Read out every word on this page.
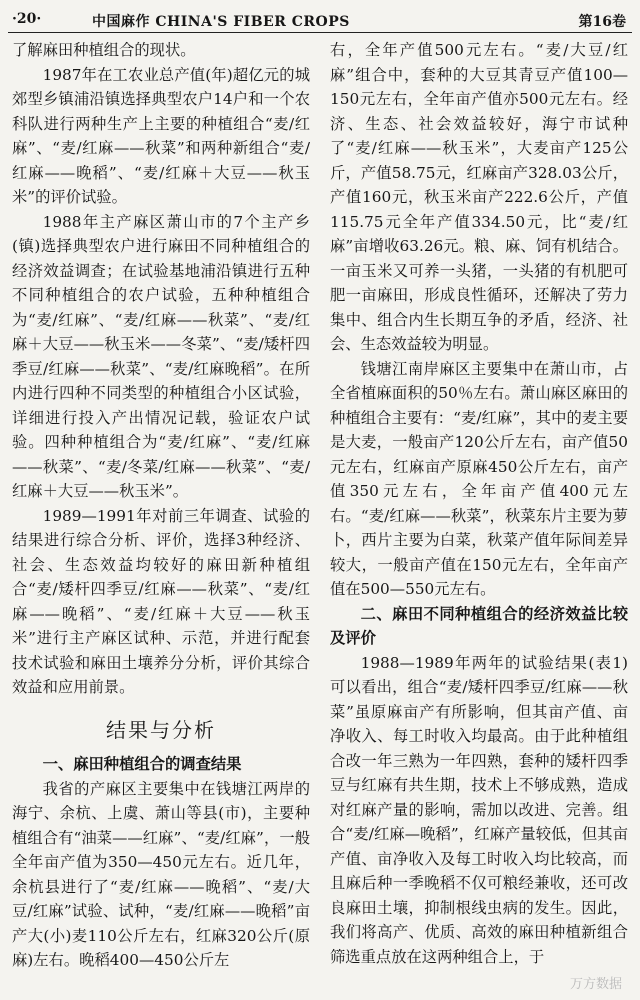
·20·	中国麻作 CHINA'S FIBER CROPS	第16卷

了解麻田种植组合的现状。

1987年在工农业总产值(年)超亿元的城郊型乡镇浦沿镇选择典型农户14户和一个农科队进行两种生产上主要的种植组合“麦/红麻”、“麦/红麻——秋菜”和两种新组合“麦/红麻——晚稻”、“麦/红麻＋大豆——秋玉米”的评价试验。

1988年主产麻区萧山市的7个主产乡(镇)选择典型农户进行麻田不同种植组合的经济效益调查；在试验基地浦沿镇进行五种不同种植组合的农户试验，五种种植组合为“麦/红麻”、“麦/红麻——秋菜”、“麦/红麻＋大豆——秋玉米——冬菜”、“麦/矮杆四季豆/红麻——秋菜”、“麦/红麻晚稻”。在所内进行四种不同类型的种植组合小区试验，详细进行投入产出情况记载，验证农户试验。四种种植组合为“麦/红麻”、“麦/红麻——秋菜”、“麦/冬菜/红麻——秋菜”、“麦/红麻＋大豆——秋玉米”。

1989—1991年对前三年调查、试验的结果进行综合分析、评价，选择3种经济、社会、生态效益均较好的麻田新种植组合“麦/矮杆四季豆/红麻——秋菜”、“麦/红麻——晚稻”、“麦/红麻＋大豆——秋玉米”进行主产麻区试种、示范，并进行配套技术试验和麻田土壤养分分析，评价其综合效益和应用前景。

结果与分析

一、麻田种植组合的调查结果

我省的产麻区主要集中在钱塘江两岸的海宁、余杭、上虞、萧山等县(市)，主要种植组合有“油菜——红麻”、“麦/红麻”，一般全年亩产值为350—450元左右。近几年，余杭县进行了“麦/红麻——晚稻”、“麦/大豆/红麻”试验、试种，“麦/红麻——晚稻”亩产大(小)麦110公斤左右，红麻320公斤(原麻)左右。晚稻400—450公斤左

右，全年产值500元左右。“麦/大豆/红麻”组合中，套种的大豆其青豆产值100—150元左右，全年亩产值亦500元左右。经济、生态、社会效益较好，海宁市试种了“麦/红麻——秋玉米”，大麦亩产125公斤，产值58.75元，红麻亩产328.03公斤，产值160元，秋玉米亩产222.6公斤，产值115.75元全年产值334.50元，比“麦/红麻”亩增收63.26元。粮、麻、饲有机结合。一亩玉米又可养一头猪，一头猪的有机肥可肥一亩麻田，形成良性循环，还解决了劳力集中、组合内生长期互争的矛盾，经济、社会、生态效益较为明显。

钱塘江南岸麻区主要集中在萧山市，占全省植麻面积的50％左右。萧山麻区麻田的种植组合主要有：“麦/红麻”，其中的麦主要是大麦，一般亩产120公斤左右，亩产值50元左右，红麻亩产原麻450公斤左右，亩产值350元左右，全年亩产值400元左右。“麦/红麻——秋菜”，秋菜东片主要为萝卜，西片主要为白菜，秋菜产值年际间差异较大，一般亩产值在150元左右，全年亩产值在500—550元左右。

二、麻田不同种植组合的经济效益比较及评价

1988—1989年两年的试验结果(表1)可以看出，组合“麦/矮杆四季豆/红麻——秋菜”虽原麻亩产有所影响，但其亩产值、亩净收入、每工时收入均最高。由于此种植组合改一年三熟为一年四熟，套种的矮杆四季豆与红麻有共生期，技术上不够成熟，造成对红麻产量的影响，需加以改进、完善。组合“麦/红麻—晚稻”，红麻产量较低，但其亩产值、亩净收入及每工时收入均比较高，而且麻后种一季晚稻不仅可粮经兼收，还可改良麻田土壤，抑制根线虫病的发生。因此，我们将高产、优质、高效的麻田种植新组合筛选重点放在这两种组合上，于

万方数据
